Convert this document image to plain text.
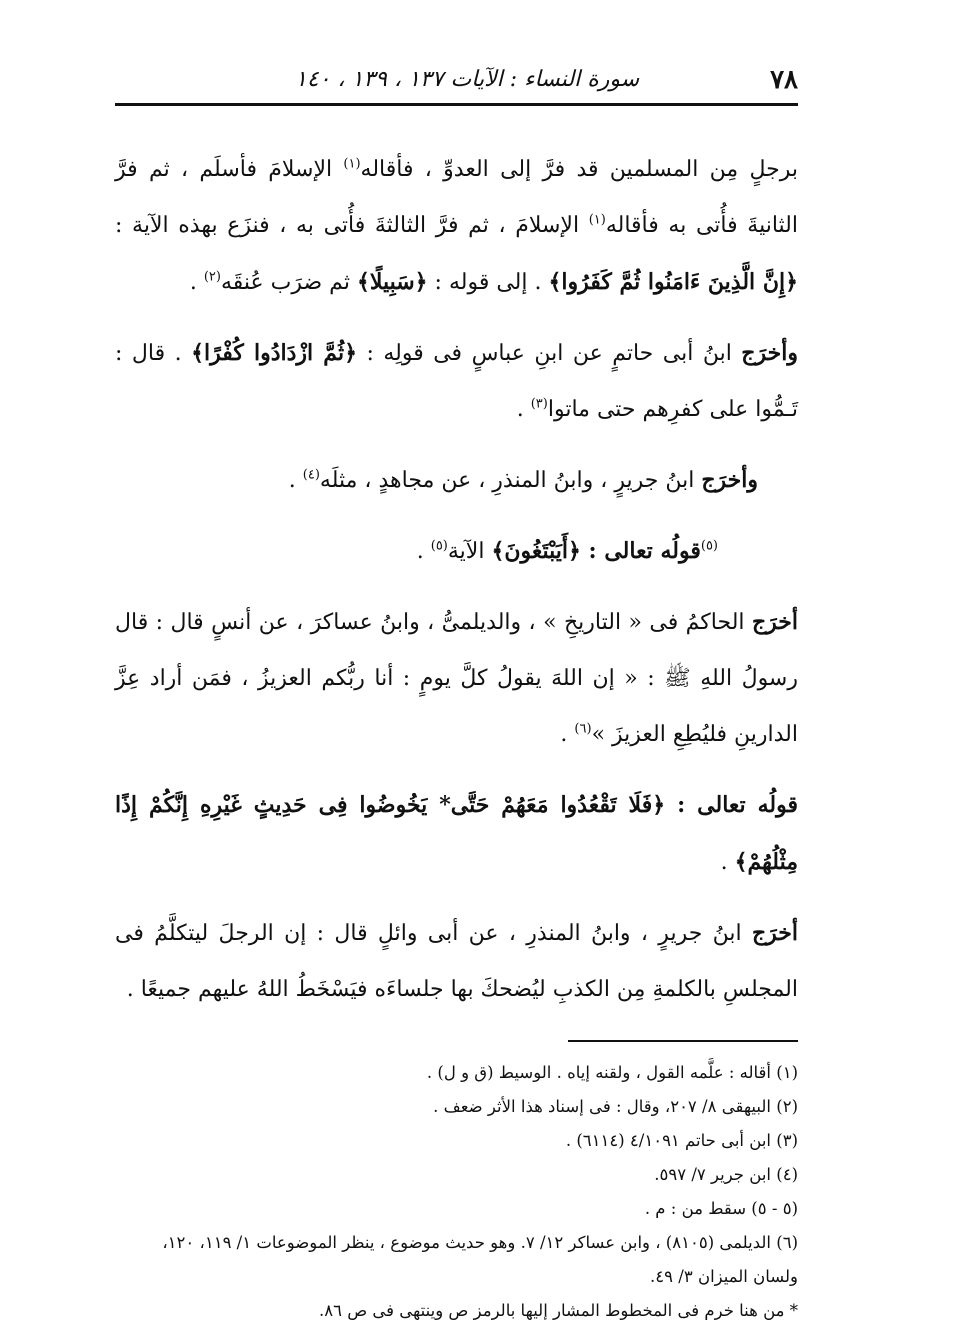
٧٨
سورة النساء : الآيات ١٣٧ ، ١٣٩ ، ١٤٠

برجلٍ مِن المسلمين قد فرَّ إلى العدوِّ ، فأقاله$^{(١)}$ الإسلامَ فأسلَم ، ثم فرَّ الثانيةَ فأُتى به فأقاله$^{(١)}$ الإسلامَ ، ثم فرَّ الثالثةَ فأُتى به ، فنزَع بهذه الآية : ﴿إِنَّ الَّذِينَ ءَامَنُوا ثُمَّ كَفَرُوا﴾ . إلى قوله : ﴿سَبِيلًا﴾ ثم ضرَب عُنقَه$^{(٢)}$ .

وأخرَج ابنُ أبى حاتمٍ عن ابنِ عباسٍ فى قولِه : ﴿ثُمَّ ازْدَادُوا كُفْرًا﴾ . قال : تَـمُّوا على كفرِهم حتى ماتوا$^{(٣)}$ .

وأخرَج ابنُ جريرٍ ، وابنُ المنذرِ ، عن مجاهدٍ ، مثلَه$^{(٤)}$ .

$^{(٥)}$قولُه تعالى : ﴿أَيَبْتَغُونَ﴾ الآية$^{(٥)}$ .

أخرَج الحاكمُ فى « التاريخِ » ، والديلمىُّ ، وابنُ عساكرَ ، عن أنسٍ قال : قال رسولُ اللهِ ﷺ : « إن اللهَ يقولُ كلَّ يومٍ : أنا ربُّكم العزيزُ ، فمَن أراد عِزَّ الدارينِ فليُطِعِ العزيزَ »$^{(٦)}$ .

قولُه تعالى : ﴿فَلَا تَقْعُدُوا مَعَهُمْ حَتَّى* يَخُوضُوا فِى حَدِيثٍ غَيْرِهِ إِنَّكُمْ إِذًا مِثْلُهُمْ﴾ .

أخرَج ابنُ جريرٍ ، وابنُ المنذرِ ، عن أبى وائلٍ قال : إن الرجلَ ليتكلَّمُ فى المجلسِ بالكلمةِ مِن الكذبِ ليُضحكَ بها جلساءَه فيَسْخَطُ اللهُ عليهم جميعًا .

(١) أقاله : علَّمه القول ، ولقنه إياه . الوسيط (ق و ل) .

(٢) البيهقى ٨/ ٢٠٧، وقال : فى إسناد هذا الأثر ضعف .

(٣) ابن أبى حاتم ٤/١٠٩١ (٦١١٤) .

(٤) ابن جرير ٧/ ٥٩٧.

(٥ - ٥) سقط من : م .

(٦) الديلمى (٨١٠٥) ، وابن عساكر ١٢/ ٧. وهو حديث موضوع ، ينظر الموضوعات ١/ ١١٩، ١٢٠، ولسان الميزان ٣/ ٤٩.

* من هنا خرم فى المخطوط المشار إليها بالرمز ص وينتهى فى ص ٨٦.
